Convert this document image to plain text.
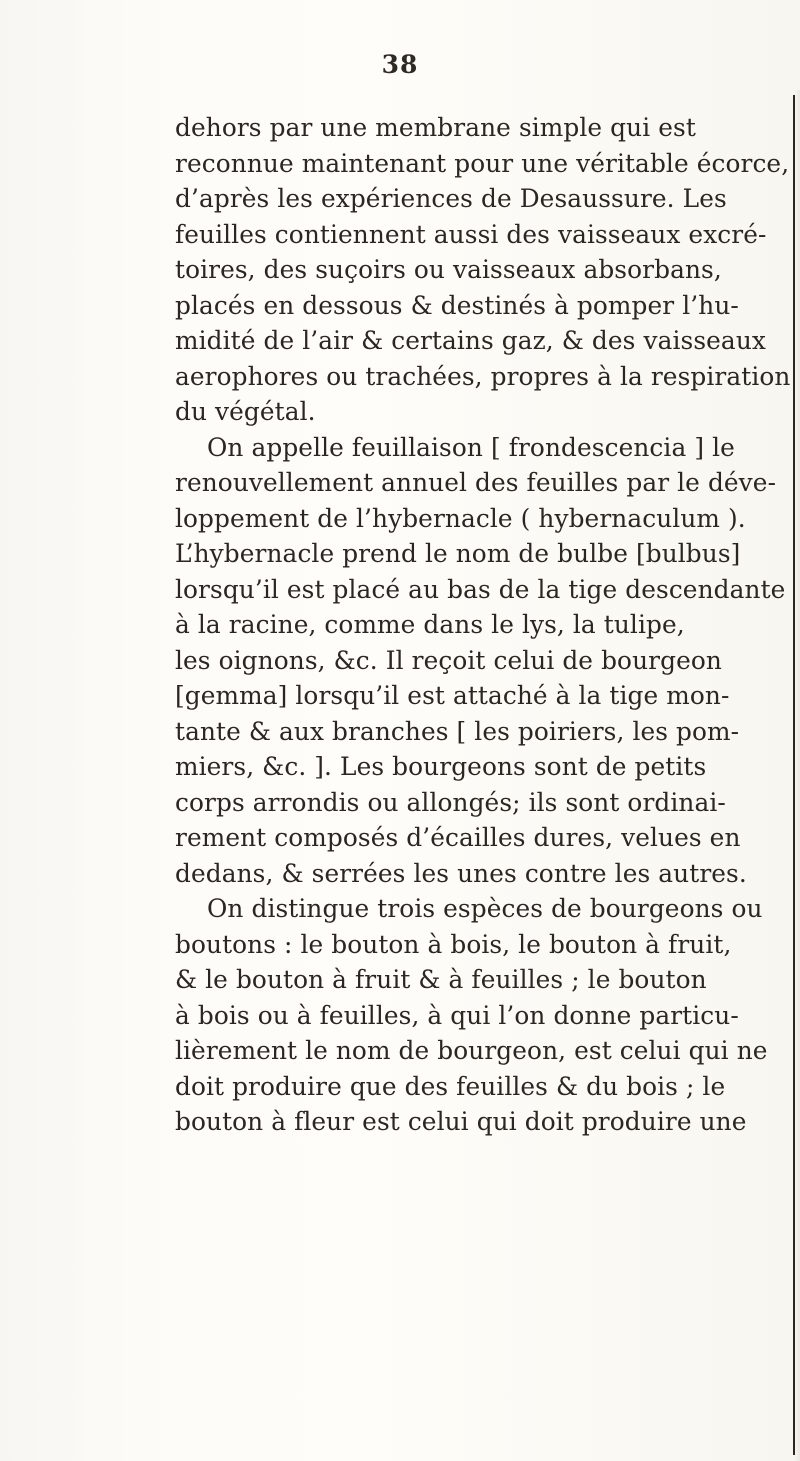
38
dehors par une membrane simple qui est
reconnue maintenant pour une véritable écorce,
d’après les expériences de Desaussure. Les
feuilles contiennent aussi des vaisseaux excré-
toires, des suçoirs ou vaisseaux absorbans,
placés en dessous & destinés à pomper l’hu-
midité de l’air & certains gaz, & des vaisseaux
aerophores ou trachées, propres à la respiration
du végétal.
On appelle feuillaison [ frondescencia ] le
renouvellement annuel des feuilles par le déve-
loppement de l’hybernacle ( hybernaculum ).
L’hybernacle prend le nom de bulbe [bulbus]
lorsqu’il est placé au bas de la tige descendante
à la racine, comme dans le lys, la tulipe,
les oignons, &c. Il reçoit celui de bourgeon
[gemma] lorsqu’il est attaché à la tige mon-
tante & aux branches [ les poiriers, les pom-
miers, &c. ]. Les bourgeons sont de petits
corps arrondis ou allongés; ils sont ordinai-
rement composés d’écailles dures, velues en
dedans, & serrées les unes contre les autres.
On distingue trois espèces de bourgeons ou
boutons : le bouton à bois, le bouton à fruit,
& le bouton à fruit & à feuilles ; le bouton
à bois ou à feuilles, à qui l’on donne particu-
lièrement le nom de bourgeon, est celui qui ne
doit produire que des feuilles & du bois ; le
bouton à fleur est celui qui doit produire une
